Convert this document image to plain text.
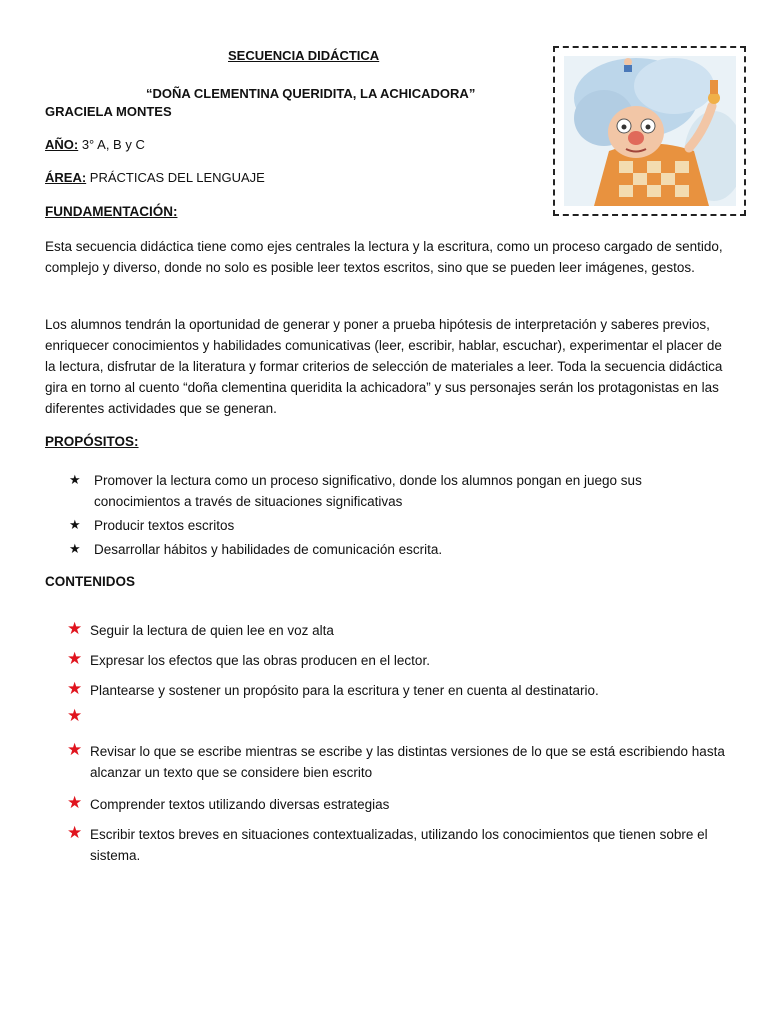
SECUENCIA DIDÁCTICA
“DOÑA CLEMENTINA QUERIDITA, LA ACHICADORA”
GRACIELA MONTES
AÑO: 3° A, B y C
ÁREA: PRÁCTICAS DEL LENGUAJE
FUNDAMENTACIÓN:
Esta secuencia didáctica tiene como ejes centrales la lectura y la escritura, como un proceso cargado de sentido, complejo y diverso, donde no solo es posible leer textos escritos, sino que se pueden leer imágenes, gestos.
Los alumnos tendrán la oportunidad de generar y poner a prueba hipótesis de interpretación y saberes previos, enriquecer conocimientos y habilidades comunicativas (leer, escribir, hablar, escuchar), experimentar el placer de la lectura, disfrutar de la literatura y formar criterios de selección de materiales a leer. Toda la secuencia didáctica gira en torno al cuento “doña clementina queridita la achicadora” y sus personajes serán los protagonistas en las diferentes actividades que se generan.
PROPÓSITOS:
★ Promover la lectura como un proceso significativo, donde los alumnos pongan en juego sus conocimientos a través de situaciones significativas
★ Producir textos escritos
★ Desarrollar hábitos y habilidades de comunicación escrita.
CONTENIDOS
★ Seguir la lectura de quien lee en voz alta
★ Expresar los efectos que las obras producen en el lector.
★ Plantearse y sostener un propósito para la escritura y tener en cuenta al destinatario.
★
★ Revisar lo que se escribe mientras se escribe y las distintas versiones de lo que se está escribiendo hasta alcanzar un texto que se considere bien escrito
★ Comprender textos utilizando diversas estrategias
★ Escribir textos breves en situaciones contextualizadas, utilizando los conocimientos que tienen sobre el sistema.
